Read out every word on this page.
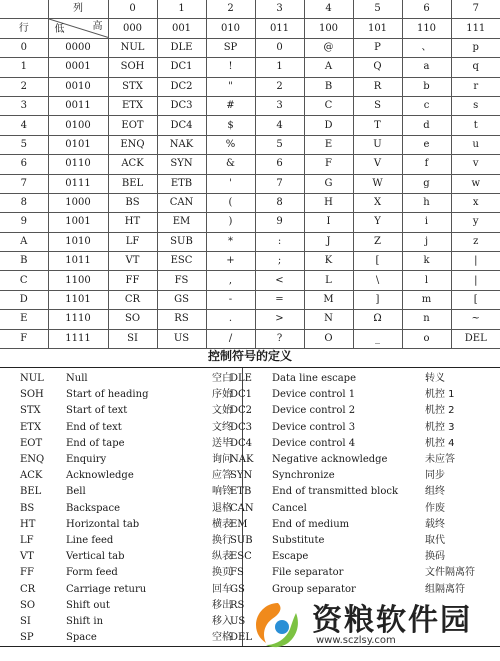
	列	0	1	2	3	4	5	6	7
行	高
低	000	001	010	011	100	101	110	111
0	0000	NUL	DLE	SP	0	@	P	、	p
1	0001	SOH	DC1	!	1	A	Q	a	q
2	0010	STX	DC2	"	2	B	R	b	r
3	0011	ETX	DC3	#	3	C	S	c	s
4	0100	EOT	DC4	$	4	D	T	d	t
5	0101	ENQ	NAK	%	5	E	U	e	u
6	0110	ACK	SYN	&	6	F	V	f	v
7	0111	BEL	ETB	'	7	G	W	g	w
8	1000	BS	CAN	(	8	H	X	h	x
9	1001	HT	EM	)	9	I	Y	i	y
A	1010	LF	SUB	*	:	J	Z	j	z
B	1011	VT	ESC	+	;	K	[	k	|
C	1100	FF	FS	,	<	L	\	l	|
D	1101	CR	GS	-	=	M	]	m	[
E	1110	SO	RS	.	>	N	Ω	n	~
F	1111	SI	US	/	?	O	_	o	DEL
控制符号的定义
NUL Null	空白
SOH Start of heading	序始
STX	Start of text	文始
ETX End of text	文终
EOT End of tape	送毕
ENQ Enquiry	询问
ACK Acknowledge	应答
BEL Bell	响铃
BS	Backspace	退格
HT	Horizontal tab	横表
LF	Line feed	换行
VT	Vertical tab	纵表
FF	Form feed	换页
CR	Carriage returu	回车
SO	Shift out	移出
SI	Shift in	移入
SP	Space	空格
DLE Data line escape	转义
DC1 Device control 1	机控 1
DC2 Device control 2	机控 2
DC3 Device control 3	机控 3
DC4 Device control 4	机控 4
NAK Negative acknowledge	未应答
SYN Synchronize	同步
ETB End of transmitted block	组终
CAN Cancel	作废
EM End of medium	载终
SUB Substitute	取代
ESC Escape	换码
FS	File separator	文件隔离符
GS	Group separator	组隔离符
RS
US
DEL 资粮软件园
www.sczlsy.com
